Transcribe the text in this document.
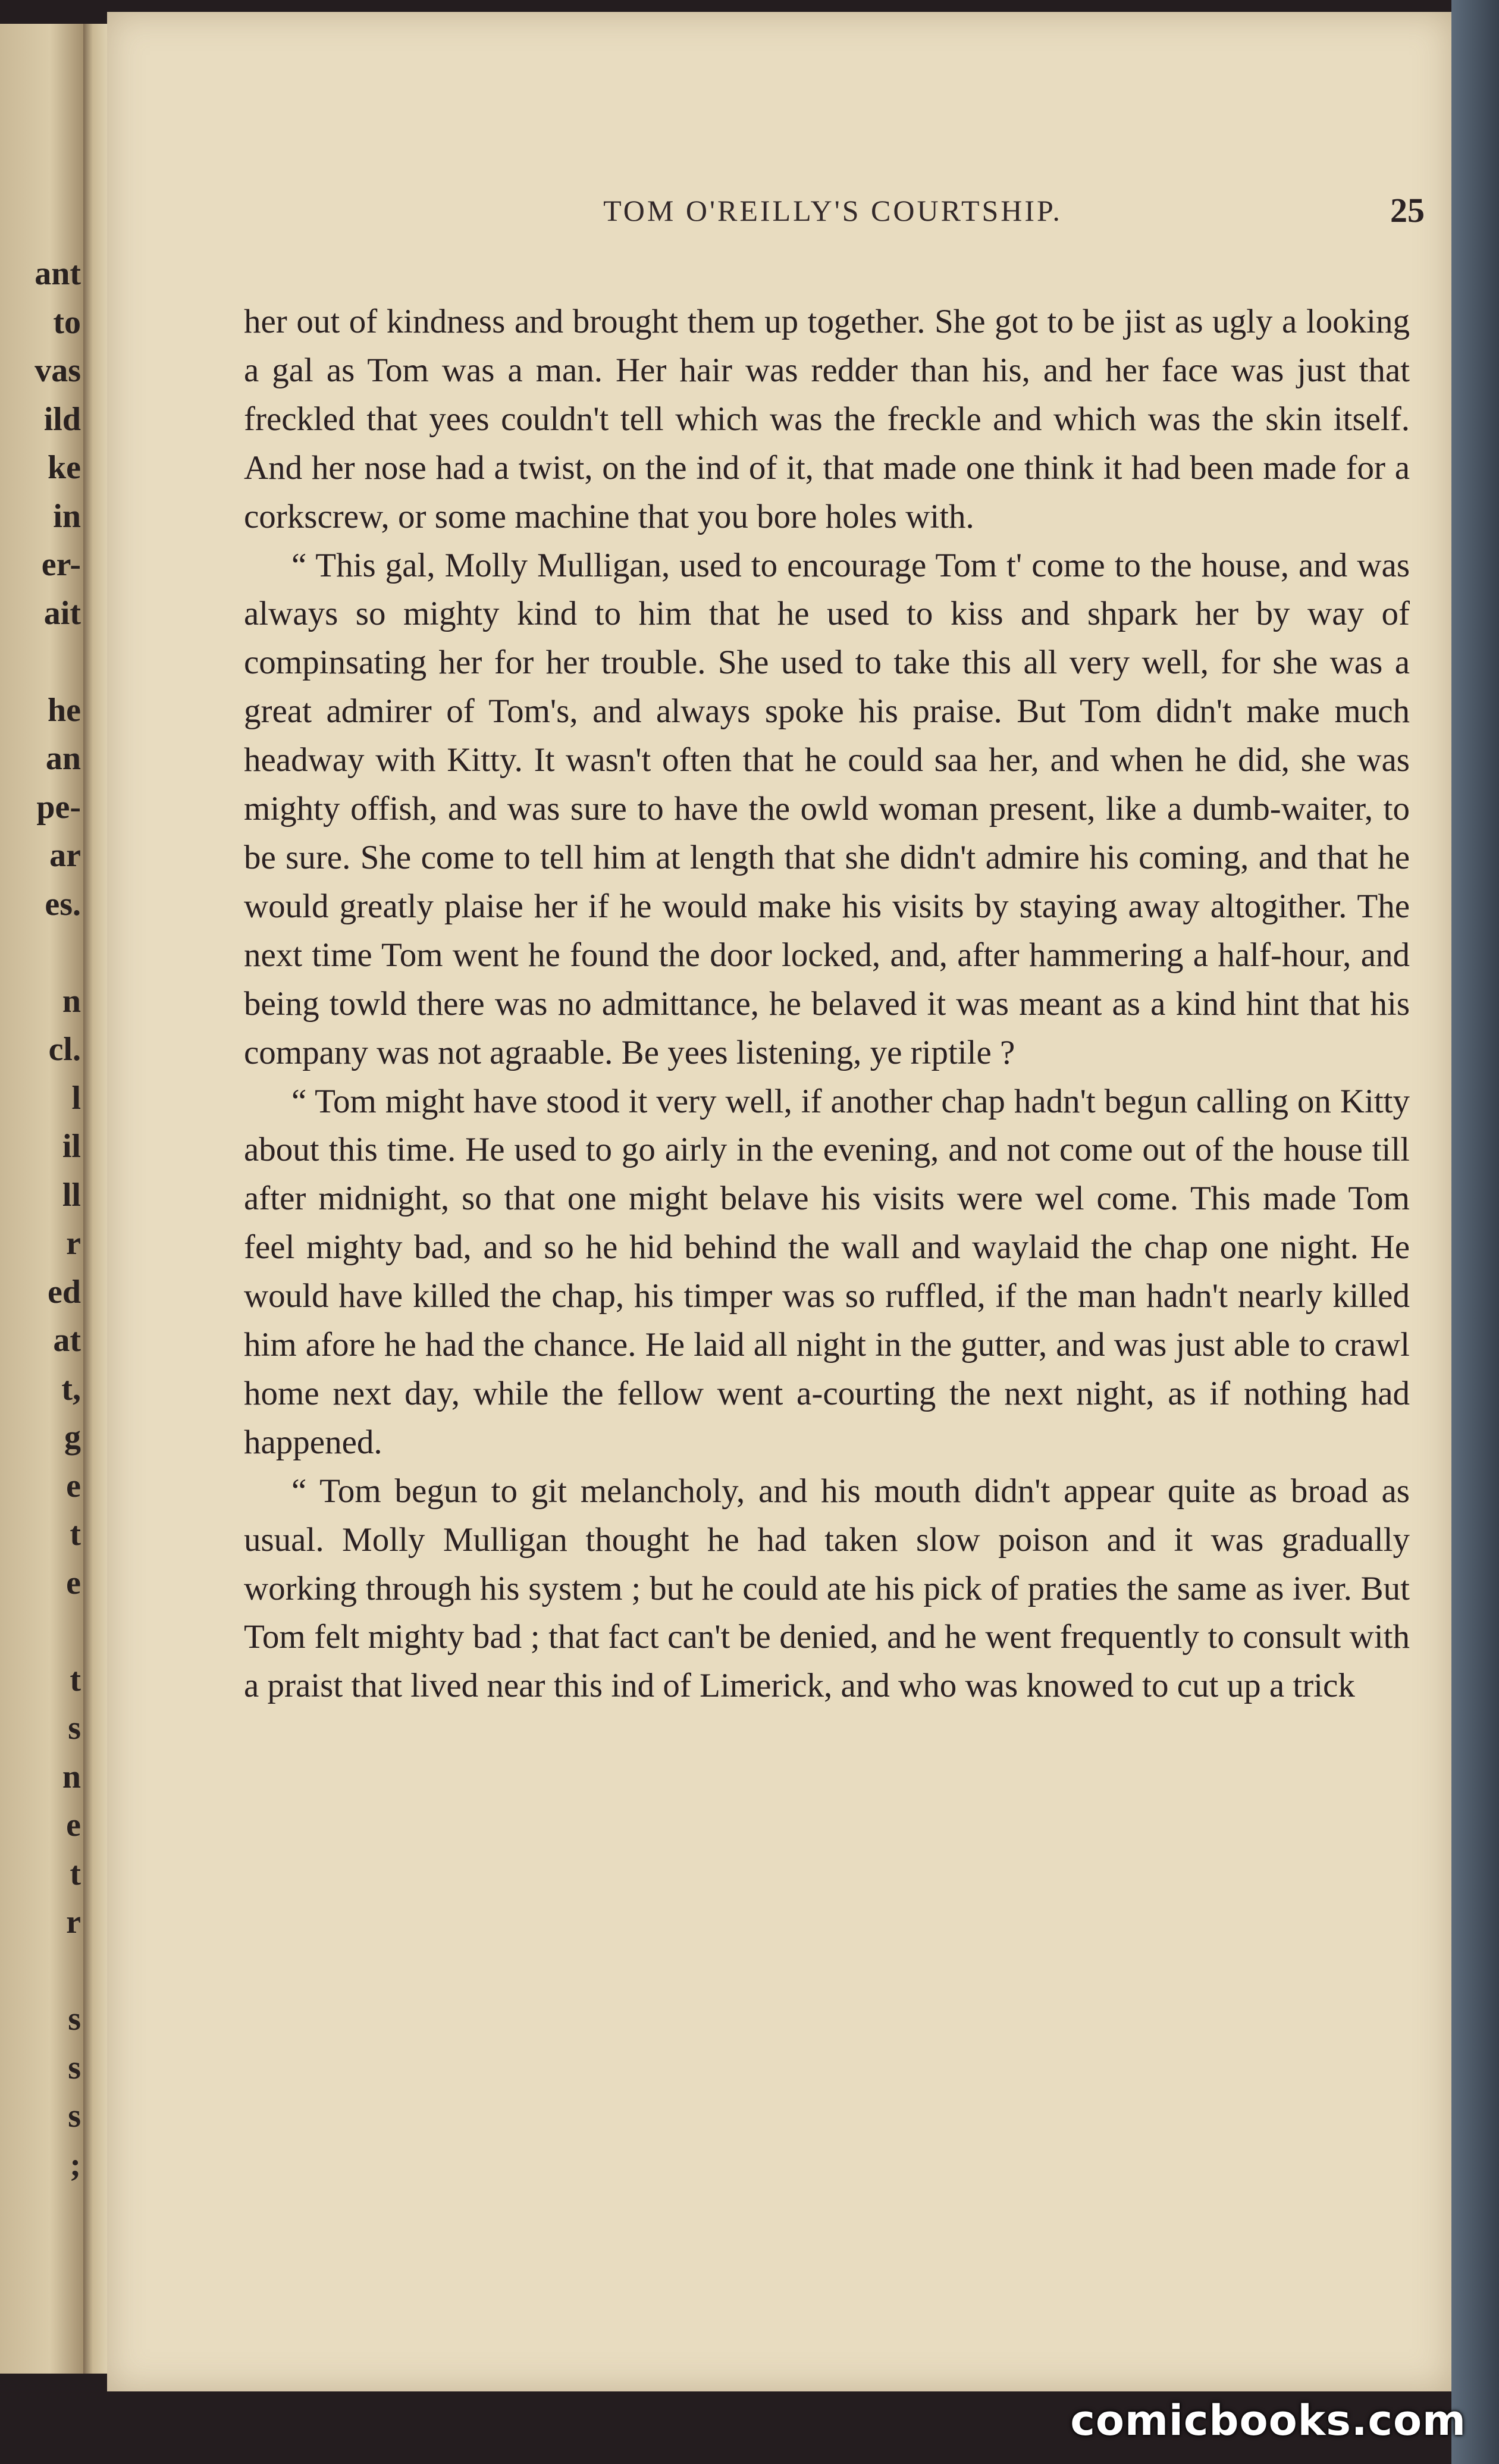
ant
to
vas
ild
ke
in
er-
ait
he
an
pe-
ar
es.
n
cl.
l
il
ll
r
ed
at
t,
g
e
t
e
t
s
n
e
t
r
s
s
s
;
TOM O'REILLY'S COURTSHIP.	25

her out of kindness and brought them up together. She got to be jist as ugly a looking a gal as Tom was a man. Her hair was redder than his, and her face was just that freckled that yees couldn't tell which was the freckle and which was the skin itself. And her nose had a twist, on the ind of it, that made one think it had been made for a corkscrew, or some machine that you bore holes with.

“ This gal, Molly Mulligan, used to encourage Tom t' come to the house, and was always so mighty kind to him that he used to kiss and shpark her by way of compinsating her for her trouble. She used to take this all very well, for she was a great admirer of Tom's, and always spoke his praise. But Tom didn't make much headway with Kitty. It wasn't often that he could saa her, and when he did, she was mighty offish, and was sure to have the owld woman present, like a dumb-waiter, to be sure. She come to tell him at length that she didn't admire his coming, and that he would greatly plaise her if he would make his visits by staying away altogither. The next time Tom went he found the door locked, and, after hammering a half-hour, and being towld there was no admittance, he belaved it was meant as a kind hint that his company was not agraable. Be yees listening, ye riptile ?

“ Tom might have stood it very well, if another chap hadn't begun calling on Kitty about this time. He used to go airly in the evening, and not come out of the house till after midnight, so that one might belave his visits were wel come. This made Tom feel mighty bad, and so he hid behind the wall and waylaid the chap one night. He would have killed the chap, his timper was so ruffled, if the man hadn't nearly killed him afore he had the chance. He laid all night in the gutter, and was just able to crawl home next day, while the fellow went a-courting the next night, as if nothing had happened.

“ Tom begun to git melancholy, and his mouth didn't appear quite as broad as usual. Molly Mulligan thought he had taken slow poison and it was gradually working through his system ; but he could ate his pick of praties the same as iver. But Tom felt mighty bad ; that fact can't be denied, and he went frequently to consult with a praist that lived near this ind of Limerick, and who was knowed to cut up a trick

comicbooks.com
